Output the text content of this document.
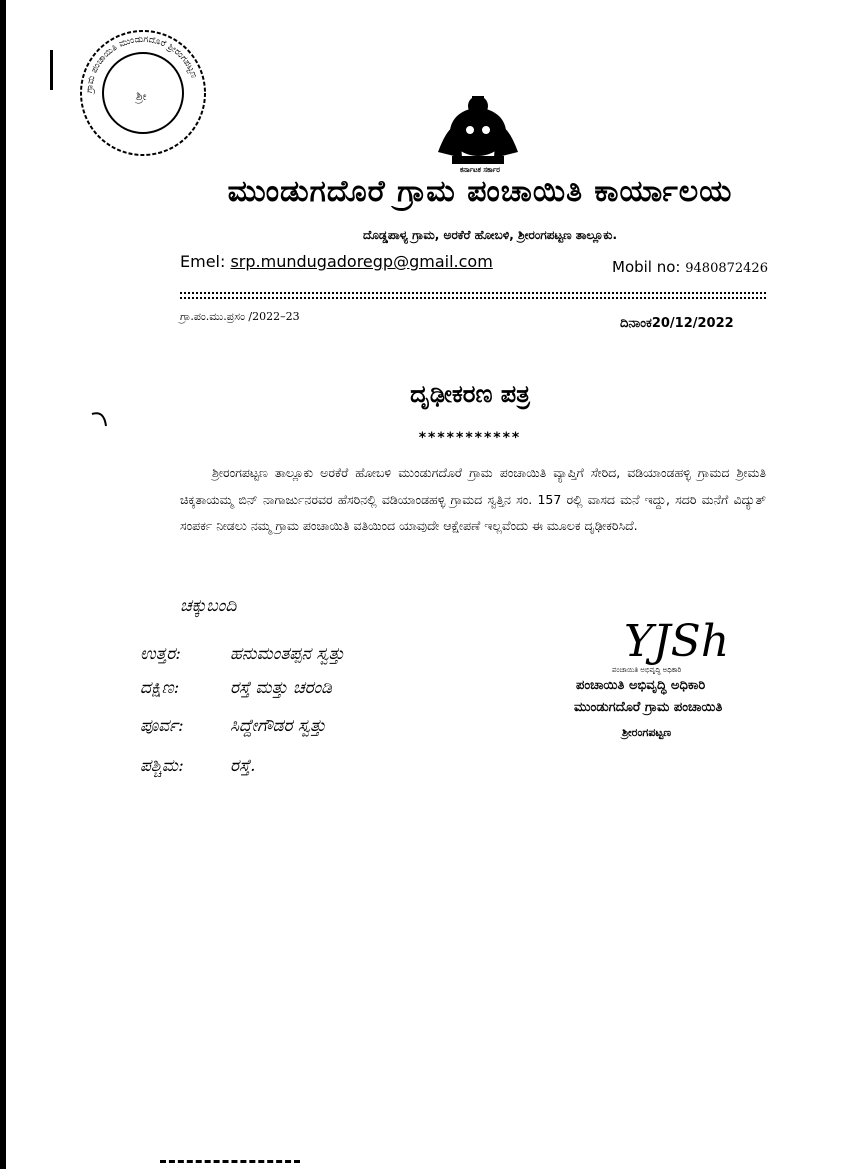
ಗ್ರಾಮ ಪಂಚಾಯಿತಿ ಮುಂಡುಗದೊರೆ ಶ್ರೀರಂಗಪಟ್ಟಣ
ಶ್ರೀ
ಕರ್ನಾಟಕ ಸರ್ಕಾರ
ಮುಂಡುಗದೊರೆ ಗ್ರಾಮ ಪಂಚಾಯಿತಿ ಕಾರ್ಯಾಲಯ
ದೊಡ್ಡಪಾಳ್ಯ ಗ್ರಾಮ, ಅರಕೆರೆ ಹೋಬಳಿ, ಶ್ರೀರಂಗಪಟ್ಟಣ ತಾಲ್ಲೂಕು.
Emel: srp.mundugadoregp@gmail.com	Mobil no: 9480872426
ಗ್ರಾ.ಪಂ.ಮು.ಪ್ರಸಂ /2022–23	ದಿನಾಂಕ20/12/2022
ದೃಢೀಕರಣ ಪತ್ರ
***********
ಶ್ರೀರಂಗಪಟ್ಟಣ ತಾಲ್ಲೂಕು ಅರಕೆರೆ ಹೋಬಳಿ ಮುಂಡುಗದೊರೆ ಗ್ರಾಮ ಪಂಚಾಯಿತಿ ವ್ಯಾಪ್ತಿಗೆ ಸೇರಿದ, ವಡಿಯಾಂಡಹಳ್ಳಿ ಗ್ರಾಮದ ಶ್ರೀಮತಿ ಚಿಕ್ಕತಾಯಮ್ಮ ಬಿನ್ ನಾಗಾರ್ಜುನರವರ ಹೆಸರಿನಲ್ಲಿ ವಡಿಯಾಂಡಹಳ್ಳಿ ಗ್ರಾಮದ ಸ್ವತ್ತಿನ ಸಂ. 157 ರಲ್ಲಿ ವಾಸದ ಮನೆ ಇದ್ದು, ಸದರಿ ಮನೆಗೆ ವಿದ್ಯುತ್ ಸಂಪರ್ಕ ನೀಡಲು ನಮ್ಮ ಗ್ರಾಮ ಪಂಚಾಯಿತಿ ವತಿಯಿಂದ ಯಾವುದೇ ಆಕ್ಷೇಪಣೆ ಇಲ್ಲವೆಂದು ಈ ಮೂಲಕ ದೃಢೀಕರಿಸಿದೆ.
ಚಕ್ಕುಬಂದಿ
ಉತ್ತರ:	ಹನುಮಂತಪ್ಪನ ಸ್ವತ್ತು
ದಕ್ಷಿಣ:	ರಸ್ತೆ ಮತ್ತು ಚರಂಡಿ
ಪೂರ್ವ:	ಸಿದ್ದೇಗೌಡರ ಸ್ವತ್ತು
ಪಶ್ಚಿಮ:	ರಸ್ತೆ.
YJSh
ಪಂಚಾಯಿತಿ ಅಭಿವೃದ್ಧಿ ಅಧಿಕಾರಿ
ಪಂಚಾಯಿತಿ ಅಭಿವೃದ್ಧಿ ಅಧಿಕಾರಿ
ಮುಂಡುಗದೊರೆ ಗ್ರಾಮ ಪಂಚಾಯಿತಿ
ಶ್ರೀರಂಗಪಟ್ಟಣ
